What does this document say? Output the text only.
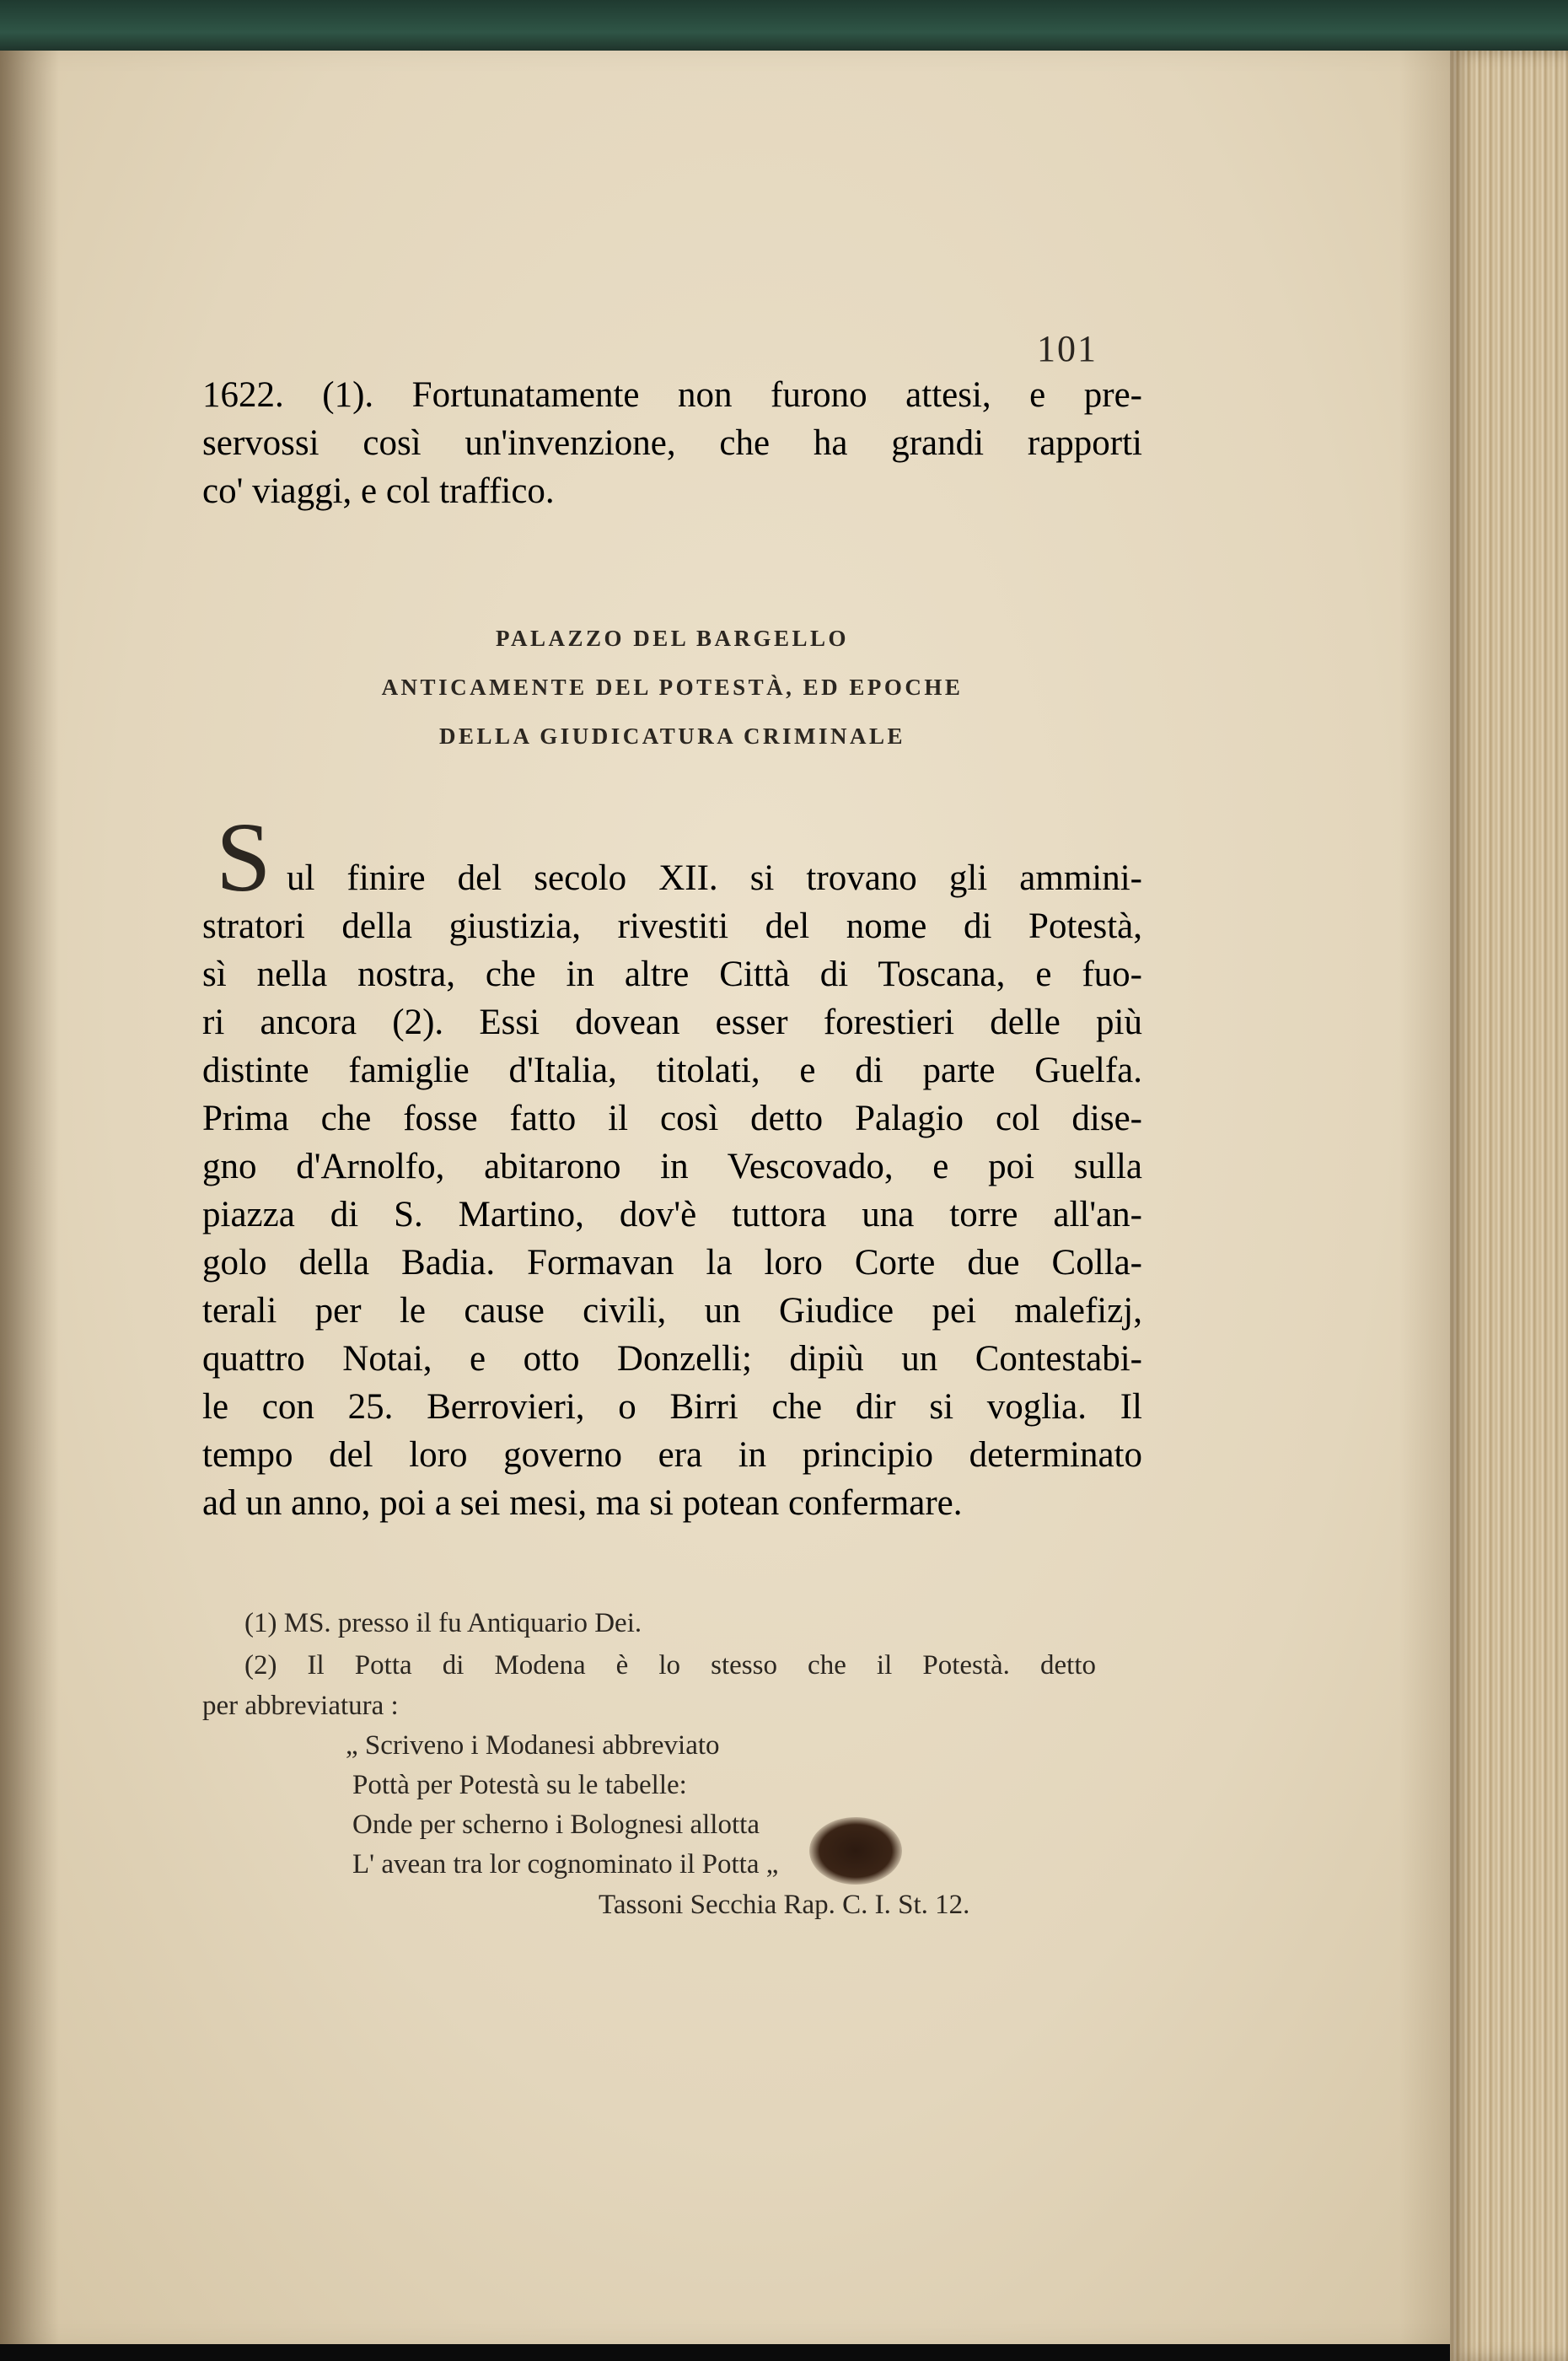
101
1622. (1). Fortunatamente non furono attesi, e pre-
servossi così un'invenzione, che ha grandi rapporti
co' viaggi, e col traffico.
PALAZZO DEL BARGELLO
ANTICAMENTE DEL POTESTÀ, ED EPOCHE
DELLA GIUDICATURA CRIMINALE
S ul finire del secolo XII. si trovano gli ammini-
stratori della giustizia, rivestiti del nome di Potestà,
sì nella nostra, che in altre Città di Toscana, e fuo-
ri ancora (2). Essi dovean esser forestieri delle più
distinte famiglie d'Italia, titolati, e di parte Guelfa.
Prima che fosse fatto il così detto Palagio col dise-
gno d'Arnolfo, abitarono in Vescovado, e poi sulla
piazza di S. Martino, dov'è tuttora una torre all'an-
golo della Badia. Formavan la loro Corte due Colla-
terali per le cause civili, un Giudice pei malefizj,
quattro Notai, e otto Donzelli; dipiù un Contestabi-
le con 25. Berrovieri, o Birri che dir si voglia. Il
tempo del loro governo era in principio determinato
ad un anno, poi a sei mesi, ma si potean confermare.
(1) MS. presso il fu Antiquario Dei.
(2) Il Potta di Modena è lo stesso che il Potestà. detto
per abbreviatura :
„ Scriveno i Modanesi abbreviato
Pottà per Potestà su le tabelle:
Onde per scherno i Bolognesi allotta
L' avean tra lor cognominato il Potta „
Tassoni Secchia Rap. C. I. St. 12.
